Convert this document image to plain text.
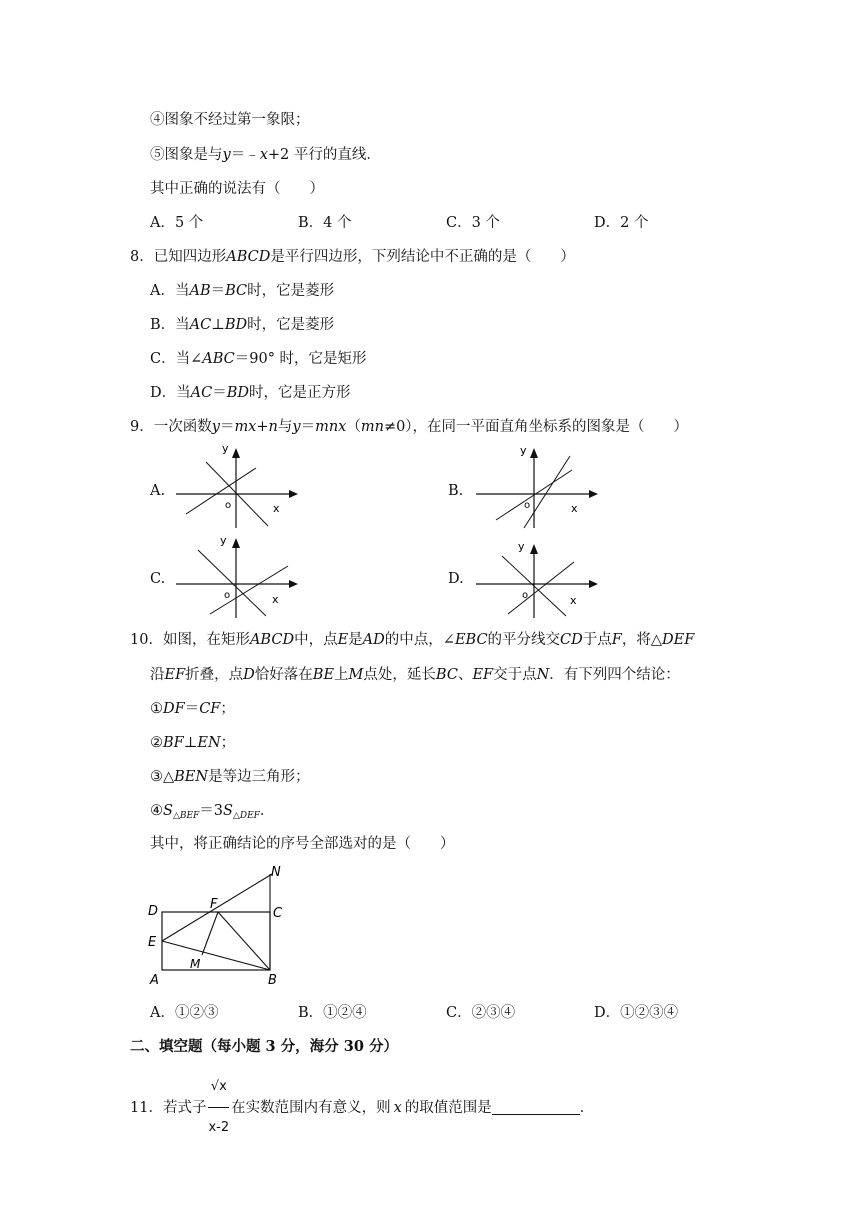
④图象不经过第一象限；
⑤图象是与y＝﹣x+2 平行的直线．
其中正确的说法有（　　）
A．5 个	B．4 个	C．3 个	D．2 个
8．已知四边形ABCD是平行四边形，下列结论中不正确的是（　　）
A．当AB＝BC时，它是菱形
B．当AC⊥BD时，它是菱形
C．当∠ABC＝90° 时，它是矩形
D．当AC＝BD时，它是正方形
9．一次函数y＝mx+n与y＝mnx（mn≠0），在同一平面直角坐标系的图象是（　　）
A.
y
x
o
B.
y
x
o
C.
y
x
o
D.
y
x
o
10．如图，在矩形ABCD中，点E是AD的中点，∠EBC的平分线交CD于点F，将△DEF
沿EF折叠，点D恰好落在BE上M点处，延长BC、EF交于点N．有下列四个结论：
①DF＝CF；
②BF⊥EN；
③△BEN是等边三角形；
$④S_{\triangle BEF}=3S_{\triangle DEF}$．
其中，将正确结论的序号全部选对的是（　　）
D	F
C
N
E
M
A	B
A．①②③	B．①②④	C．②③④	D．①②③④
二、填空题（每小题 3 分，海分 30 分）
11． 若式子 $\frac{√x}{x-2}$ 在实数范围内有意义，则 x 的取值范围是	．
